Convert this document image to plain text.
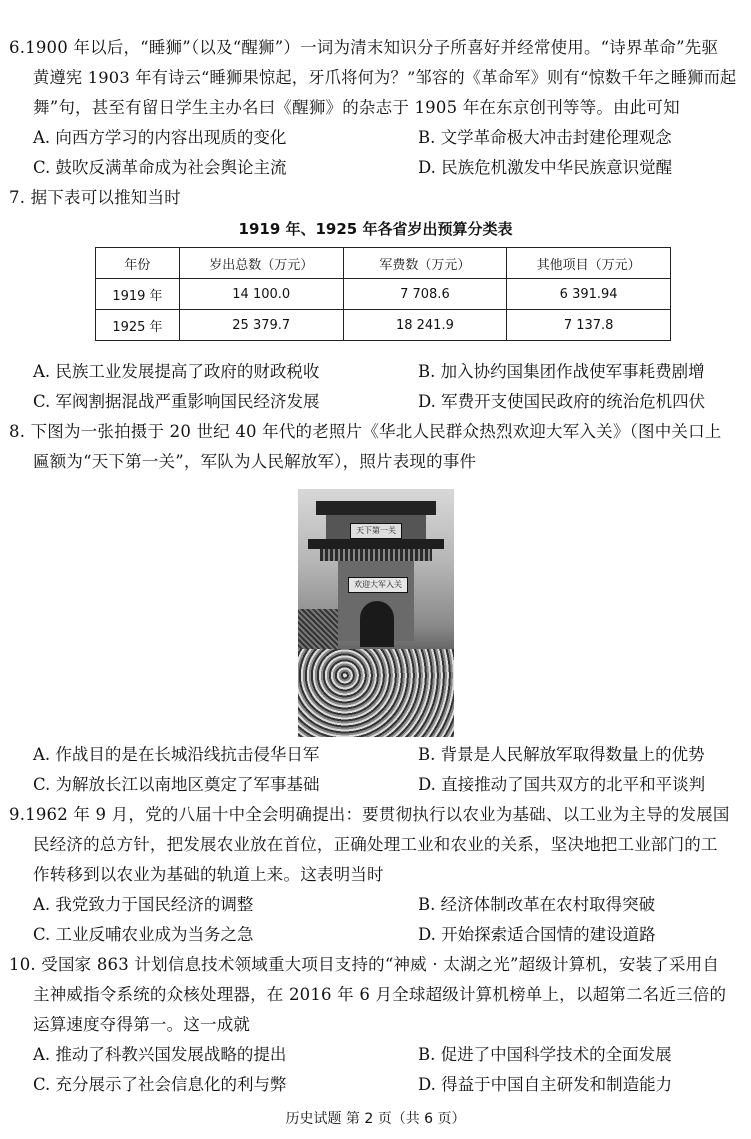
6.1900 年以后，“睡狮”（以及“醒狮”）一词为清末知识分子所喜好并经常使用。“诗界革命”先驱
黄遵宪 1903 年有诗云“睡狮果惊起，牙爪将何为？”邹容的《革命军》则有“惊数千年之睡狮而起
舞”句，甚至有留日学生主办名曰《醒狮》的杂志于 1905 年在东京创刊等等。由此可知
A. 向西方学习的内容出现质的变化	B. 文学革命极大冲击封建伦理观念
C. 鼓吹反满革命成为社会舆论主流	D. 民族危机激发中华民族意识觉醒
7. 据下表可以推知当时
1919 年、1925 年各省岁出预算分类表
年份	岁出总数（万元）	军费数（万元）	其他项目（万元）
1919 年	14 100.0	7 708.6	6 391.94
1925 年	25 379.7	18 241.9	7 137.8
A. 民族工业发展提高了政府的财政税收	B. 加入协约国集团作战使军事耗费剧增
C. 军阀割据混战严重影响国民经济发展	D. 军费开支使国民政府的统治危机四伏
8. 下图为一张拍摄于 20 世纪 40 年代的老照片《华北人民群众热烈欢迎大军入关》（图中关口上
匾额为“天下第一关”，军队为人民解放军），照片表现的事件
天下第一关
欢迎大军入关
A. 作战目的是在长城沿线抗击侵华日军	B. 背景是人民解放军取得数量上的优势
C. 为解放长江以南地区奠定了军事基础	D. 直接推动了国共双方的北平和平谈判
9.1962 年 9 月，党的八届十中全会明确提出：要贯彻执行以农业为基础、以工业为主导的发展国
民经济的总方针，把发展农业放在首位，正确处理工业和农业的关系，坚决地把工业部门的工
作转移到以农业为基础的轨道上来。这表明当时
A. 我党致力于国民经济的调整	B. 经济体制改革在农村取得突破
C. 工业反哺农业成为当务之急	D. 开始探索适合国情的建设道路
10. 受国家 863 计划信息技术领域重大项目支持的“神威 · 太湖之光”超级计算机，安装了采用自
主神威指令系统的众核处理器，在 2016 年 6 月全球超级计算机榜单上，以超第二名近三倍的
运算速度夺得第一。这一成就
A. 推动了科教兴国发展战略的提出	B. 促进了中国科学技术的全面发展
C. 充分展示了社会信息化的利与弊	D. 得益于中国自主研发和制造能力
历史试题 第 2 页（共 6 页）
